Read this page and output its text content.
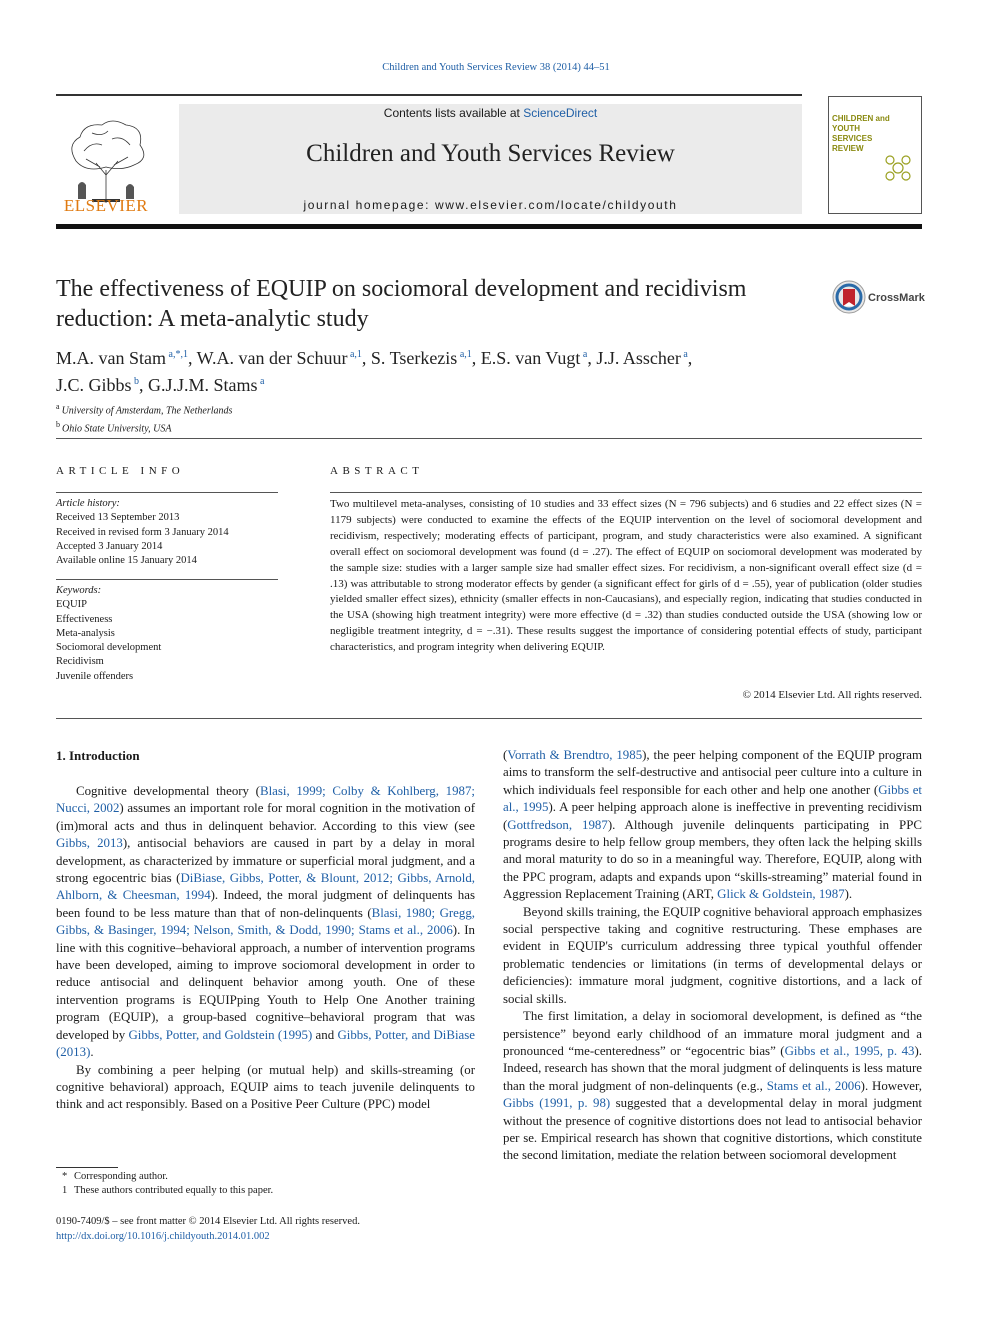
Children and Youth Services Review 38 (2014) 44–51
ELSEVIER
Contents lists available at ScienceDirect
Children and Youth Services Review
journal homepage: www.elsevier.com/locate/childyouth
CHILDREN and YOUTH SERVICES REVIEW
The effectiveness of EQUIP on sociomoral development and recidivism reduction: A meta-analytic study
CrossMark
M.A. van Stam $^{a,*,1}$, W.A. van der Schuur $^{a,1}$, S. Tserkezis $^{a,1}$, E.S. van Vugt $^a$, J.J. Asscher $^a$,
J.C. Gibbs $^b$, G.J.J.M. Stams $^a$
$^a$ University of Amsterdam, The Netherlands
$^b$ Ohio State University, USA
ARTICLE INFO	ABSTRACT
Article history:
Received 13 September 2013
Received in revised form 3 January 2014
Accepted 3 January 2014
Available online 15 January 2014
Keywords:
EQUIP
Effectiveness
Meta-analysis
Sociomoral development
Recidivism
Juvenile offenders
Two multilevel meta-analyses, consisting of 10 studies and 33 effect sizes (N = 796 subjects) and 6 studies and 22 effect sizes (N = 1179 subjects) were conducted to examine the effects of the EQUIP intervention on the level of sociomoral development and recidivism, respectively; moderating effects of participant, program, and study characteristics were also examined. A significant overall effect on sociomoral development was found (d = .27). The effect of EQUIP on sociomoral development was moderated by the sample size: studies with a larger sample size had smaller effect sizes. For recidivism, a non-significant overall effect size (d = .13) was attributable to strong moderator effects by gender (a significant effect for girls of d = .55), year of publication (older studies yielded smaller effect sizes), ethnicity (smaller effects in non-Caucasians), and especially region, indicating that studies conducted in the USA (showing high treatment integrity) were more effective (d = .32) than studies conducted outside the USA (showing low or negligible treatment integrity, d = −.31). These results suggest the importance of considering potential effects of study, participant characteristics, and program integrity when delivering EQUIP.
© 2014 Elsevier Ltd. All rights reserved.
1. Introduction

Cognitive developmental theory (Blasi, 1999; Colby & Kohlberg, 1987; Nucci, 2002) assumes an important role for moral cognition in the motivation of (im)moral acts and thus in delinquent behavior. According to this view (see Gibbs, 2013), antisocial behaviors are caused in part by a delay in moral development, as characterized by immature or superficial moral judgment, and a strong egocentric bias (DiBiase, Gibbs, Potter, & Blount, 2012; Gibbs, Arnold, Ahlborn, & Cheesman, 1994). Indeed, the moral judgment of delinquents has been found to be less mature than that of non-delinquents (Blasi, 1980; Gregg, Gibbs, & Basinger, 1994; Nelson, Smith, & Dodd, 1990; Stams et al., 2006). In line with this cognitive–behavioral approach, a number of intervention programs have been developed, aiming to improve sociomoral development in order to reduce antisocial and delinquent behavior among youth. One of these intervention programs is EQUIPping Youth to Help One Another training program (EQUIP), a group-based cognitive–behavioral program that was developed by Gibbs, Potter, and Goldstein (1995) and Gibbs, Potter, and DiBiase (2013).

By combining a peer helping (or mutual help) and skills-streaming (or cognitive behavioral) approach, EQUIP aims to teach juvenile delinquents to think and act responsibly. Based on a Positive Peer Culture (PPC) model

(Vorrath & Brendtro, 1985), the peer helping component of the EQUIP program aims to transform the self-destructive and antisocial peer culture into a culture in which individuals feel responsible for each other and help one another (Gibbs et al., 1995). A peer helping approach alone is ineffective in preventing recidivism (Gottfredson, 1987). Although juvenile delinquents participating in PPC programs desire to help fellow group members, they often lack the helping skills and moral maturity to do so in a meaningful way. Therefore, EQUIP, along with the PPC program, adapts and expands upon “skills-streaming” material found in Aggression Replacement Training (ART, Glick & Goldstein, 1987).

Beyond skills training, the EQUIP cognitive behavioral approach emphasizes social perspective taking and cognitive restructuring. These emphases are evident in EQUIP's curriculum addressing three typical youthful offender problematic tendencies or limitations (in terms of developmental delays or deficiencies): immature moral judgment, cognitive distortions, and a lack of social skills.

The first limitation, a delay in sociomoral development, is defined as “the persistence” beyond early childhood of an immature moral judgment and a pronounced “me-centeredness” or “egocentric bias” (Gibbs et al., 1995, p. 43). Indeed, research has shown that the moral judgment of delinquents is less mature than the moral judgment of non-delinquents (e.g., Stams et al., 2006). However, Gibbs (1991, p. 98) suggested that a developmental delay in moral judgment without the presence of cognitive distortions does not lead to antisocial behavior per se. Empirical research has shown that cognitive distortions, which constitute the second limitation, mediate the relation between sociomoral development

* Corresponding author.
1 These authors contributed equally to this paper.
0190-7409/$ – see front matter © 2014 Elsevier Ltd. All rights reserved.
http://dx.doi.org/10.1016/j.childyouth.2014.01.002
